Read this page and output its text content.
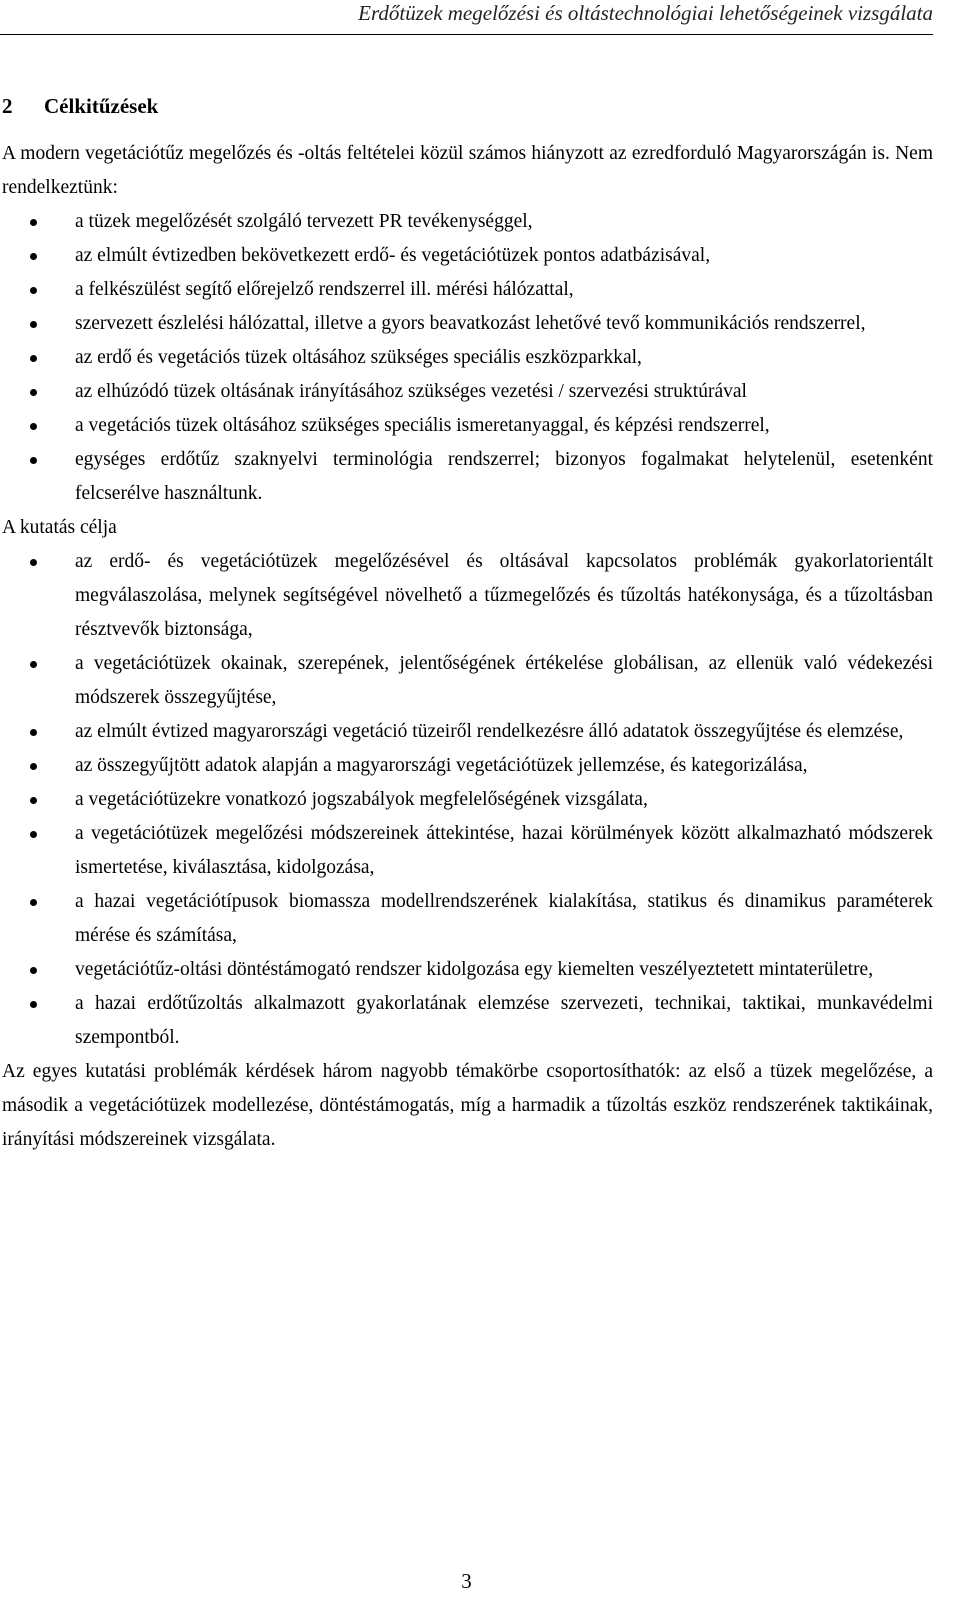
Erdőtüzek megelőzési és oltástechnológiai lehetőségeinek vizsgálata
2 Célkitűzések

A modern vegetációtűz megelőzés és -oltás feltételei közül számos hiányzott az ezredforduló Magyarországán is. Nem rendelkeztünk:

a tüzek megelőzését szolgáló tervezett PR tevékenységgel,
az elmúlt évtizedben bekövetkezett erdő- és vegetációtüzek pontos adatbázisával,
a felkészülést segítő előrejelző rendszerrel ill. mérési hálózattal,
szervezett észlelési hálózattal, illetve a gyors beavatkozást lehetővé tevő kommunikációs rendszerrel,
az erdő és vegetációs tüzek oltásához szükséges speciális eszközparkkal,
az elhúzódó tüzek oltásának irányításához szükséges vezetési / szervezési struktúrával
a vegetációs tüzek oltásához szükséges speciális ismeretanyaggal, és képzési rendszerrel,
egységes erdőtűz szaknyelvi terminológia rendszerrel; bizonyos fogalmakat helytelenül, esetenként felcserélve használtunk.

A kutatás célja

az erdő- és vegetációtüzek megelőzésével és oltásával kapcsolatos problémák gyakorlatorientált megválaszolása, melynek segítségével növelhető a tűzmegelőzés és tűzoltás hatékonysága, és a tűzoltásban résztvevők biztonsága,
a vegetációtüzek okainak, szerepének, jelentőségének értékelése globálisan, az ellenük való védekezési módszerek összegyűjtése,
az elmúlt évtized magyarországi vegetáció tüzeiről rendelkezésre álló adatatok összegyűjtése és elemzése,
az összegyűjtött adatok alapján a magyarországi vegetációtüzek jellemzése, és kategorizálása,
a vegetációtüzekre vonatkozó jogszabályok megfelelőségének vizsgálata,
a vegetációtüzek megelőzési módszereinek áttekintése, hazai körülmények között alkalmazható módszerek ismertetése, kiválasztása, kidolgozása,
a hazai vegetációtípusok biomassza modellrendszerének kialakítása, statikus és dinamikus paraméterek mérése és számítása,
vegetációtűz-oltási döntéstámogató rendszer kidolgozása egy kiemelten veszélyeztetett mintaterületre,
a hazai erdőtűzoltás alkalmazott gyakorlatának elemzése szervezeti, technikai, taktikai, munkavédelmi szempontból.

Az egyes kutatási problémák kérdések három nagyobb témakörbe csoportosíthatók: az első a tüzek megelőzése, a második a vegetációtüzek modellezése, döntéstámogatás, míg a harmadik a tűzoltás eszköz rendszerének taktikáinak, irányítási módszereinek vizsgálata.

3
